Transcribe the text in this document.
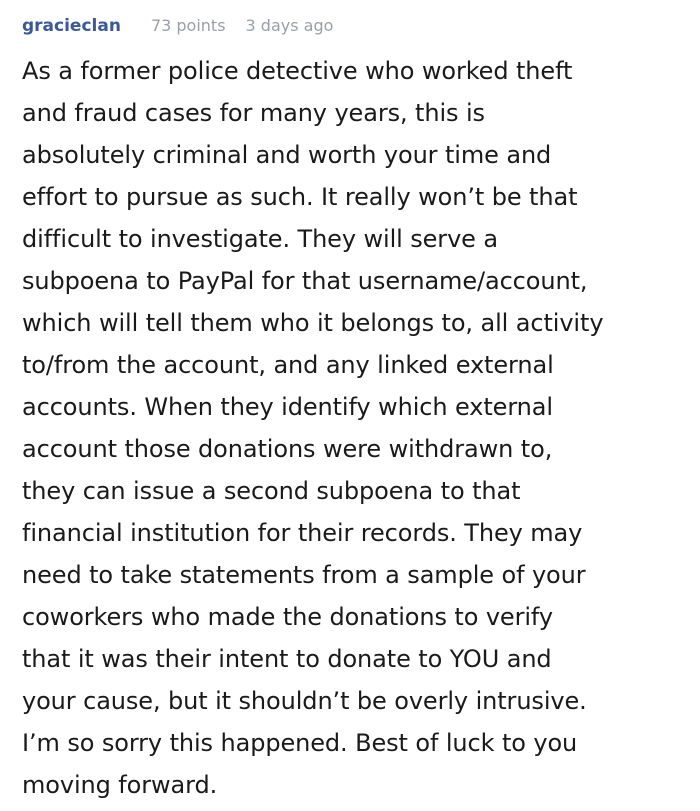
gracieclan 73 points 3 days ago
As a former police detective who worked theft
and fraud cases for many years, this is
absolutely criminal and worth your time and
effort to pursue as such. It really won’t be that
difficult to investigate. They will serve a
subpoena to PayPal for that username/account,
which will tell them who it belongs to, all activity
to/from the account, and any linked external
accounts. When they identify which external
account those donations were withdrawn to,
they can issue a second subpoena to that
financial institution for their records. They may
need to take statements from a sample of your
coworkers who made the donations to verify
that it was their intent to donate to YOU and
your cause, but it shouldn’t be overly intrusive.
I’m so sorry this happened. Best of luck to you
moving forward.
